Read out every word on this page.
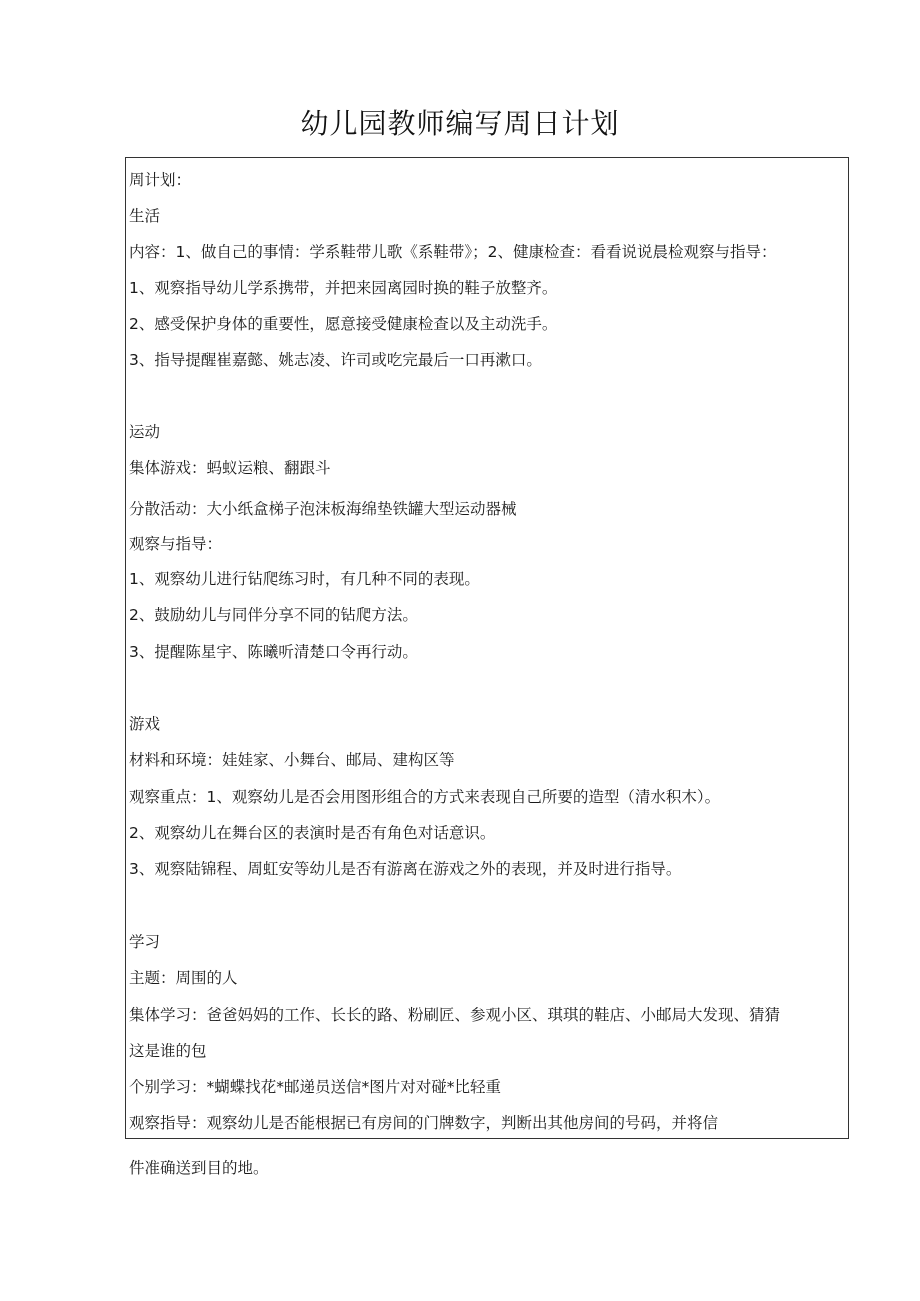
幼儿园教师编写周日计划
周计划：
生活
内容：1、做自己的事情：学系鞋带儿歌《系鞋带》；2、健康检查：看看说说晨检观察与指导：
1、观察指导幼儿学系携带，并把来园离园时换的鞋子放整齐。
2、感受保护身体的重要性，愿意接受健康检查以及主动洗手。
3、指导提醒崔嘉懿、姚志凌、许司或吃完最后一口再漱口。
运动
集体游戏：蚂蚁运粮、翻跟斗
分散活动：大小纸盒梯子泡沫板海绵垫铁罐大型运动器械
观察与指导：
1、观察幼儿进行钻爬练习时，有几种不同的表现。
2、鼓励幼儿与同伴分享不同的钻爬方法。
3、提醒陈星宇、陈曦听清楚口令再行动。
游戏
材料和环境：娃娃家、小舞台、邮局、建构区等
观察重点：1、观察幼儿是否会用图形组合的方式来表现自己所要的造型（清水积木）。
2、观察幼儿在舞台区的表演时是否有角色对话意识。
3、观察陆锦程、周虹安等幼儿是否有游离在游戏之外的表现，并及时进行指导。
学习
主题：周围的人
集体学习：爸爸妈妈的工作、长长的路、粉刷匠、参观小区、琪琪的鞋店、小邮局大发现、猜猜
这是谁的包
个别学习：*蝴蝶找花*邮递员送信*图片对对碰*比轻重
观察指导：观察幼儿是否能根据已有房间的门牌数字，判断出其他房间的号码，并将信
件准确送到目的地。
